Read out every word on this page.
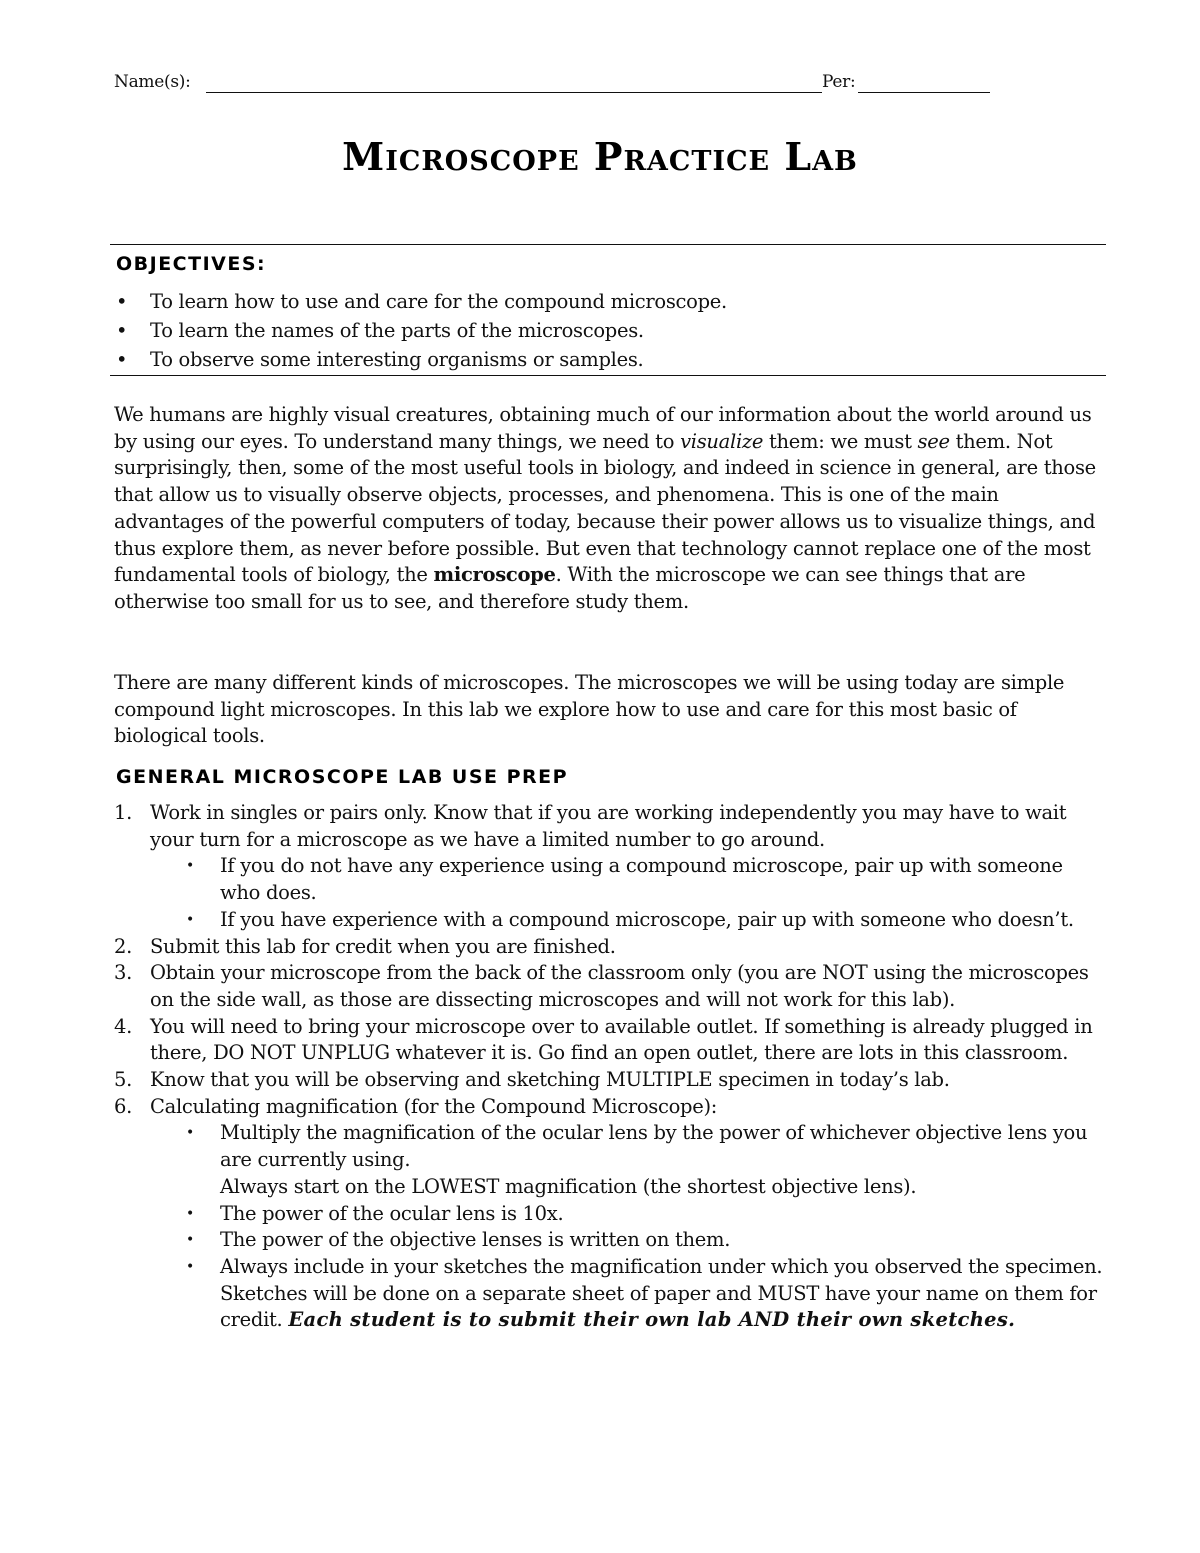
Name(s):	Per:
Microscope Practice Lab
OBJECTIVES:
• To learn how to use and care for the compound microscope.
• To learn the names of the parts of the microscopes.
• To observe some interesting organisms or samples.

We humans are highly visual creatures, obtaining much of our information about the world around us by using our eyes. To understand many things, we need to visualize them: we must see them. Not surprisingly, then, some of the most useful tools in biology, and indeed in science in general, are those that allow us to visually observe objects, processes, and phenomena. This is one of the main advantages of the powerful computers of today, because their power allows us to visualize things, and thus explore them, as never before possible. But even that technology cannot replace one of the most fundamental tools of biology, the microscope. With the microscope we can see things that are otherwise too small for us to see, and therefore study them.

There are many different kinds of microscopes. The microscopes we will be using today are simple compound light microscopes. In this lab we explore how to use and care for this most basic of biological tools.

GENERAL MICROSCOPE LAB USE PREP
1. Work in singles or pairs only. Know that if you are working independently you may have to wait your turn for a microscope as we have a limited number to go around.
• If you do not have any experience using a compound microscope, pair up with someone who does.
• If you have experience with a compound microscope, pair up with someone who doesn’t.
2. Submit this lab for credit when you are finished.
3. Obtain your microscope from the back of the classroom only (you are NOT using the microscopes on the side wall, as those are dissecting microscopes and will not work for this lab).
4. You will need to bring your microscope over to available outlet. If something is already plugged in there, DO NOT UNPLUG whatever it is. Go find an open outlet, there are lots in this classroom.
5. Know that you will be observing and sketching MULTIPLE specimen in today’s lab.
6. Calculating magnification (for the Compound Microscope):
• Multiply the magnification of the ocular lens by the power of whichever objective lens you are currently using.
Always start on the LOWEST magnification (the shortest objective lens).
• The power of the ocular lens is 10x.
• The power of the objective lenses is written on them.
• Always include in your sketches the magnification under which you observed the specimen. Sketches will be done on a separate sheet of paper and MUST have your name on them for credit. Each student is to submit their own lab AND their own sketches.
